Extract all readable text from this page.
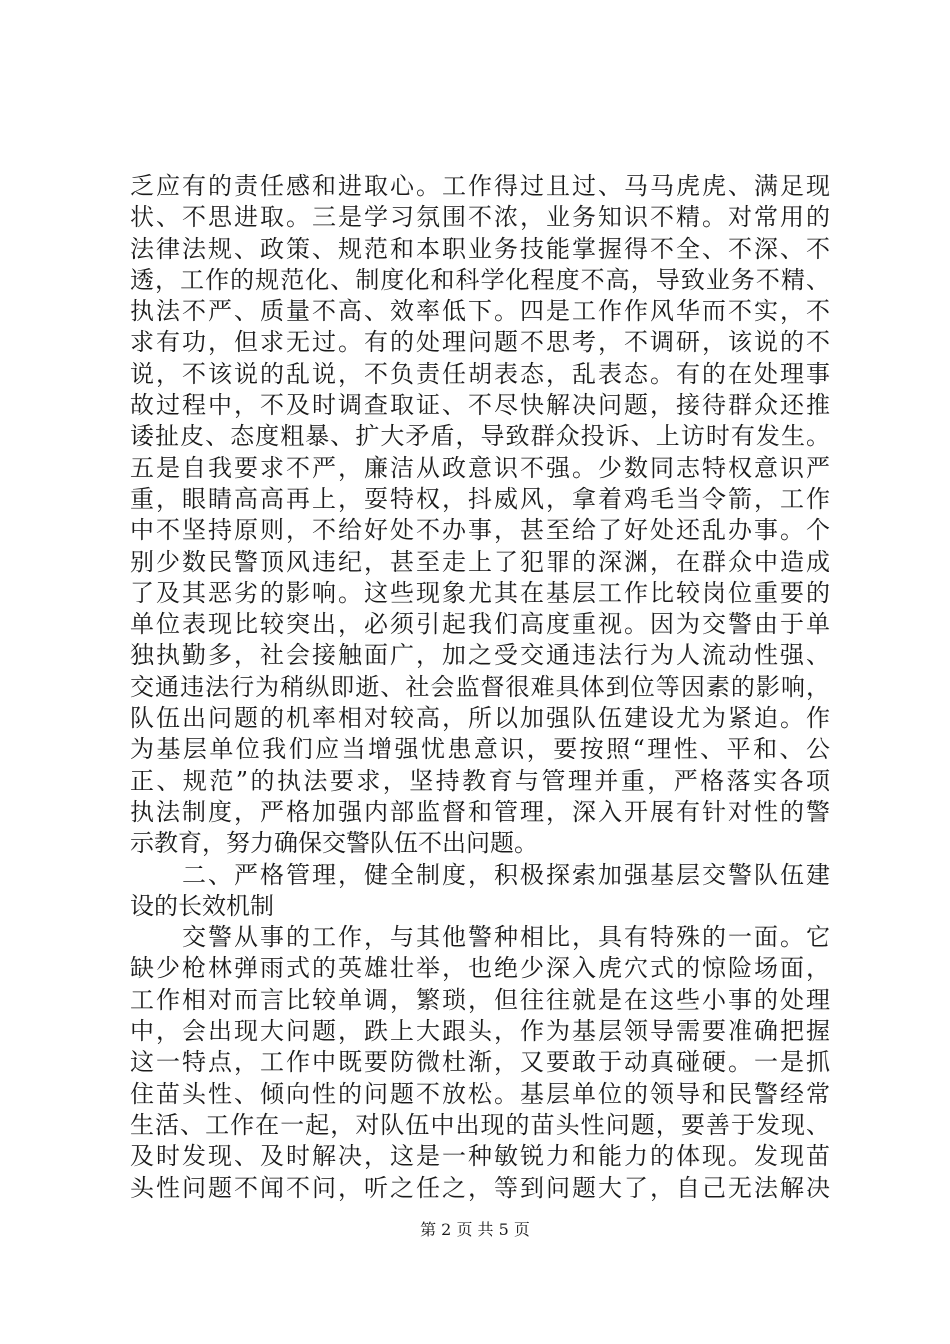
乏应有的责任感和进取心。工作得过且过、马马虎虎、满足现
状、不思进取。三是学习氛围不浓，业务知识不精。对常用的
法律法规、政策、规范和本职业务技能掌握得不全、不深、不
透，工作的规范化、制度化和科学化程度不高，导致业务不精、
执法不严、质量不高、效率低下。四是工作作风华而不实，不
求有功，但求无过。有的处理问题不思考，不调研，该说的不
说，不该说的乱说，不负责任胡表态，乱表态。有的在处理事
故过程中，不及时调查取证、不尽快解决问题，接待群众还推
诿扯皮、态度粗暴、扩大矛盾，导致群众投诉、上访时有发生。
五是自我要求不严，廉洁从政意识不强。少数同志特权意识严
重，眼睛高高再上，耍特权，抖威风，拿着鸡毛当令箭，工作
中不坚持原则，不给好处不办事，甚至给了好处还乱办事。个
别少数民警顶风违纪，甚至走上了犯罪的深渊，在群众中造成
了及其恶劣的影响。这些现象尤其在基层工作比较岗位重要的
单位表现比较突出，必须引起我们高度重视。因为交警由于单
独执勤多，社会接触面广，加之受交通违法行为人流动性强、
交通违法行为稍纵即逝、社会监督很难具体到位等因素的影响，
队伍出问题的机率相对较高，所以加强队伍建设尤为紧迫。作
为基层单位我们应当增强忧患意识，要按照“理性、平和、公
正、规范”的执法要求，坚持教育与管理并重，严格落实各项
执法制度，严格加强内部监督和管理，深入开展有针对性的警
示教育，努力确保交警队伍不出问题。
二、严格管理，健全制度，积极探索加强基层交警队伍建
设的长效机制
交警从事的工作，与其他警种相比，具有特殊的一面。它
缺少枪林弹雨式的英雄壮举，也绝少深入虎穴式的惊险场面，
工作相对而言比较单调，繁琐，但往往就是在这些小事的处理
中，会出现大问题，跌上大跟头，作为基层领导需要准确把握
这一特点，工作中既要防微杜渐，又要敢于动真碰硬。一是抓
住苗头性、倾向性的问题不放松。基层单位的领导和民警经常
生活、工作在一起，对队伍中出现的苗头性问题，要善于发现、
及时发现、及时解决，这是一种敏锐力和能力的体现。发现苗
头性问题不闻不问，听之任之，等到问题大了，自己无法解决
第 2 页 共 5 页
